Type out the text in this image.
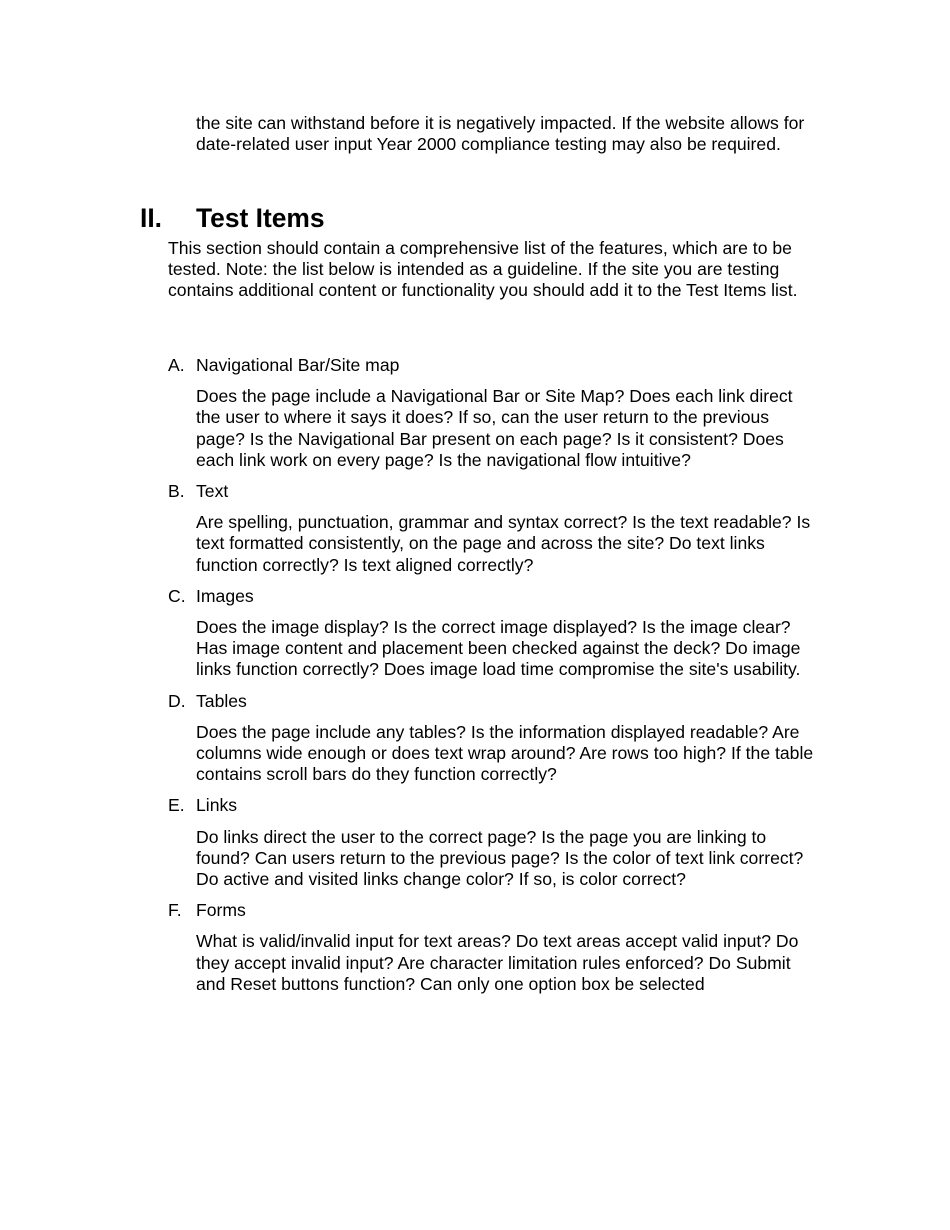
the site can withstand before it is negatively impacted. If the website allows for date-related user input Year 2000 compliance testing may also be required.

II. Test Items

This section should contain a comprehensive list of the features, which are to be tested. Note: the list below is intended as a guideline. If the site you are testing contains additional content or functionality you should add it to the Test Items list.

A. Navigational Bar/Site map

Does the page include a Navigational Bar or Site Map? Does each link direct the user to where it says it does? If so, can the user return to the previous page? Is the Navigational Bar present on each page? Is it consistent? Does each link work on every page? Is the navigational flow intuitive?

B. Text

Are spelling, punctuation, grammar and syntax correct? Is the text readable? Is text formatted consistently, on the page and across the site? Do text links function correctly? Is text aligned correctly?

C. Images

Does the image display? Is the correct image displayed? Is the image clear? Has image content and placement been checked against the deck? Do image links function correctly? Does image load time compromise the site's usability.

D. Tables

Does the page include any tables? Is the information displayed readable? Are columns wide enough or does text wrap around? Are rows too high? If the table contains scroll bars do they function correctly?

E. Links

Do links direct the user to the correct page? Is the page you are linking to found? Can users return to the previous page? Is the color of text link correct? Do active and visited links change color? If so, is color correct?

F. Forms

What is valid/invalid input for text areas? Do text areas accept valid input? Do they accept invalid input? Are character limitation rules enforced? Do Submit and Reset buttons function? Can only one option box be selected
